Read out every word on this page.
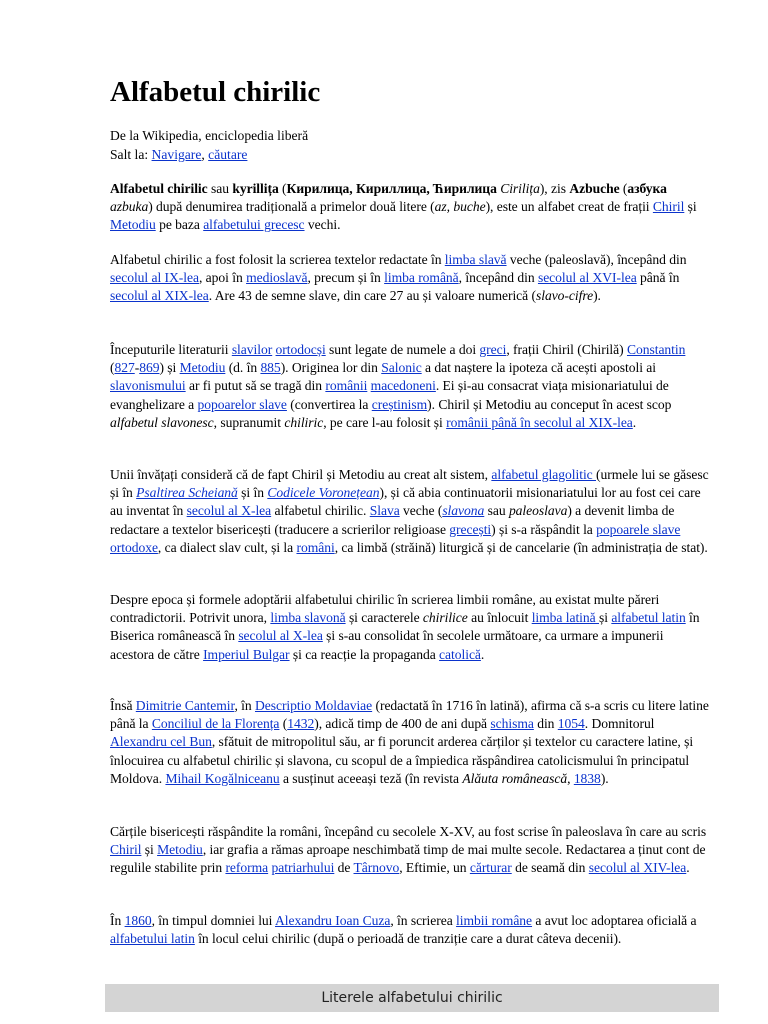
Alfabetul chirilic
De la Wikipedia, enciclopedia liberă
Salt la: Navigare, căutare

Alfabetul chirilic sau kyrillița (Кирилица, Кириллица, Ћирилица Cirilița), zis Azbuche (азбука azbuka) după denumirea tradițională a primelor două litere (az, buche), este un alfabet creat de frații Chiril și Metodiu pe baza alfabetului grecesc vechi.

Alfabetul chirilic a fost folosit la scrierea textelor redactate în limba slavă veche (paleoslavă), începând din secolul al IX-lea, apoi în medioslavă, precum și în limba română, începând din secolul al XVI-lea până în secolul al XIX-lea. Are 43 de semne slave, din care 27 au și valoare numerică (slavo-cifre).

Începuturile literaturii slavilor ortodocși sunt legate de numele a doi greci, frații Chiril (Chirilă) Constantin (827-869) și Metodiu (d. în 885). Originea lor din Salonic a dat naștere la ipoteza că acești apostoli ai slavonismului ar fi putut să se tragă din românii macedoneni. Ei și-au consacrat viața misionariatului de evanghelizare a popoarelor slave (convertirea la creștinism). Chiril și Metodiu au conceput în acest scop alfabetul slavonesc, supranumit chiliric, pe care l-au folosit și românii până în secolul al XIX-lea.

Unii învățați consideră că de fapt Chiril și Metodiu au creat alt sistem, alfabetul glagolitic (urmele lui se găsesc și în Psaltirea Scheiană și în Codicele Voronețean), și că abia continuatorii misionariatului lor au fost cei care au inventat în secolul al X-lea alfabetul chirilic. Slava veche (slavona sau paleoslava) a devenit limba de redactare a textelor bisericești (traducere a scrierilor religioase grecești) și s-a răspândit la popoarele slave ortodoxe, ca dialect slav cult, și la români, ca limbă (străină) liturgică și de cancelarie (în administrația de stat).

Despre epoca și formele adoptării alfabetului chirilic în scrierea limbii române, au existat multe păreri contradictorii. Potrivit unora, limba slavonă și caracterele chirilice au înlocuit limba latină și alfabetul latin în Biserica românească în secolul al X-lea și s-au consolidat în secolele următoare, ca urmare a impunerii acestora de către Imperiul Bulgar și ca reacție la propaganda catolică.

Însă Dimitrie Cantemir, în Descriptio Moldaviae (redactată în 1716 în latină), afirma că s-a scris cu litere latine până la Conciliul de la Florența (1432), adică timp de 400 de ani după schisma din 1054. Domnitorul Alexandru cel Bun, sfătuit de mitropolitul său, ar fi poruncit arderea cărților și textelor cu caractere latine, și înlocuirea cu alfabetul chirilic și slavona, cu scopul de a împiedica răspândirea catolicismului în principatul Moldova. Mihail Kogălniceanu a susținut aceeași teză (în revista Alăuta românească, 1838).

Cărțile bisericești răspândite la români, începând cu secolele X-XV, au fost scrise în paleoslava în care au scris Chiril și Metodiu, iar grafia a rămas aproape neschimbată timp de mai multe secole. Redactarea a ținut cont de regulile stabilite prin reforma patriarhului de Târnovo, Eftimie, un cărturar de seamă din secolul al XIV-lea.

În 1860, în timpul domniei lui Alexandru Ioan Cuza, în scrierea limbii române a avut loc adoptarea oficială a alfabetului latin în locul celui chirilic (după o perioadă de tranziție care a durat câteva decenii).

Literele alfabetului chirilic
